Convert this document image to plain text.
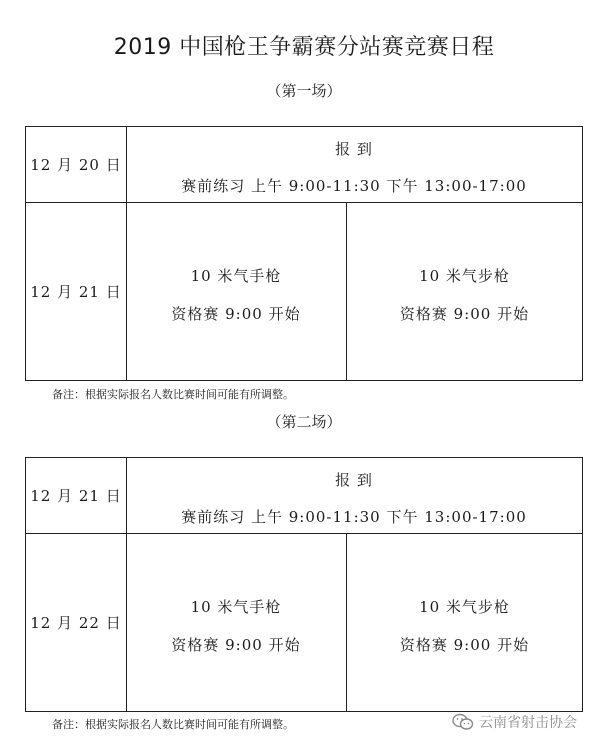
2019 中国枪王争霸赛分站赛竞赛日程
（第一场）
12 月 20 日
报 到
赛前练习 上午 9:00-11:30 下午 13:00-17:00
12 月 21 日
10 米气手枪
资格赛 9:00 开始
10 米气步枪
资格赛 9:00 开始
备注：根据实际报名人数比赛时间可能有所调整。
（第二场）
12 月 21 日
报 到
赛前练习 上午 9:00-11:30 下午 13:00-17:00
12 月 22 日
10 米气手枪
资格赛 9:00 开始
10 米气步枪
资格赛 9:00 开始
备注：根据实际报名人数比赛时间可能有所调整。	云南省射击协会
